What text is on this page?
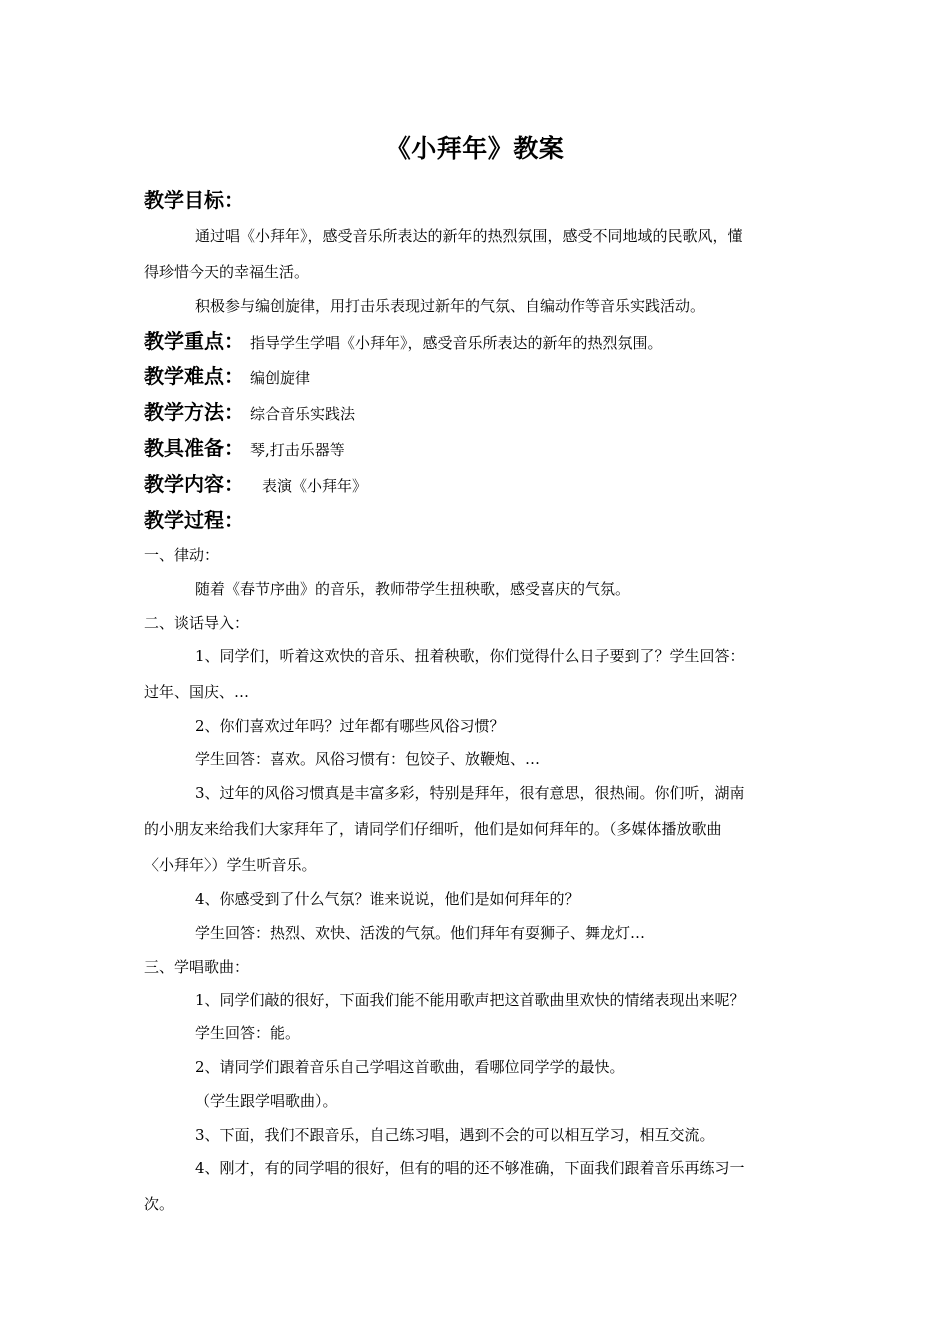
《小拜年》教案
教学目标：
通过唱《小拜年》，感受音乐所表达的新年的热烈氛围，感受不同地域的民歌风，懂
得珍惜今天的幸福生活。
积极参与编创旋律，用打击乐表现过新年的气氛、自编动作等音乐实践活动。
教学重点： 指导学生学唱《小拜年》，感受音乐所表达的新年的热烈氛围。
教学难点： 编创旋律
教学方法： 综合音乐实践法
教具准备： 琴,打击乐器等
教学内容： 表演《小拜年》
教学过程：
一、律动：
随着《春节序曲》的音乐，教师带学生扭秧歌，感受喜庆的气氛。
二、谈话导入：
1、同学们，听着这欢快的音乐、扭着秧歌，你们觉得什么日子要到了？学生回答：
过年、国庆、…
2、你们喜欢过年吗？过年都有哪些风俗习惯？
学生回答：喜欢。风俗习惯有：包饺子、放鞭炮、…
3、过年的风俗习惯真是丰富多彩，特别是拜年，很有意思，很热闹。你们听，湖南
的小朋友来给我们大家拜年了，请同学们仔细听，他们是如何拜年的。（多媒体播放歌曲
〈小拜年〉）学生听音乐。
4、你感受到了什么气氛？谁来说说，他们是如何拜年的？
学生回答：热烈、欢快、活泼的气氛。他们拜年有耍狮子、舞龙灯…
三、学唱歌曲：
1、同学们敲的很好，下面我们能不能用歌声把这首歌曲里欢快的情绪表现出来呢？
学生回答：能。
2、请同学们跟着音乐自己学唱这首歌曲，看哪位同学学的最快。
（学生跟学唱歌曲）。
3、下面，我们不跟音乐，自己练习唱，遇到不会的可以相互学习，相互交流。
4、刚才，有的同学唱的很好，但有的唱的还不够准确，下面我们跟着音乐再练习一
次。
